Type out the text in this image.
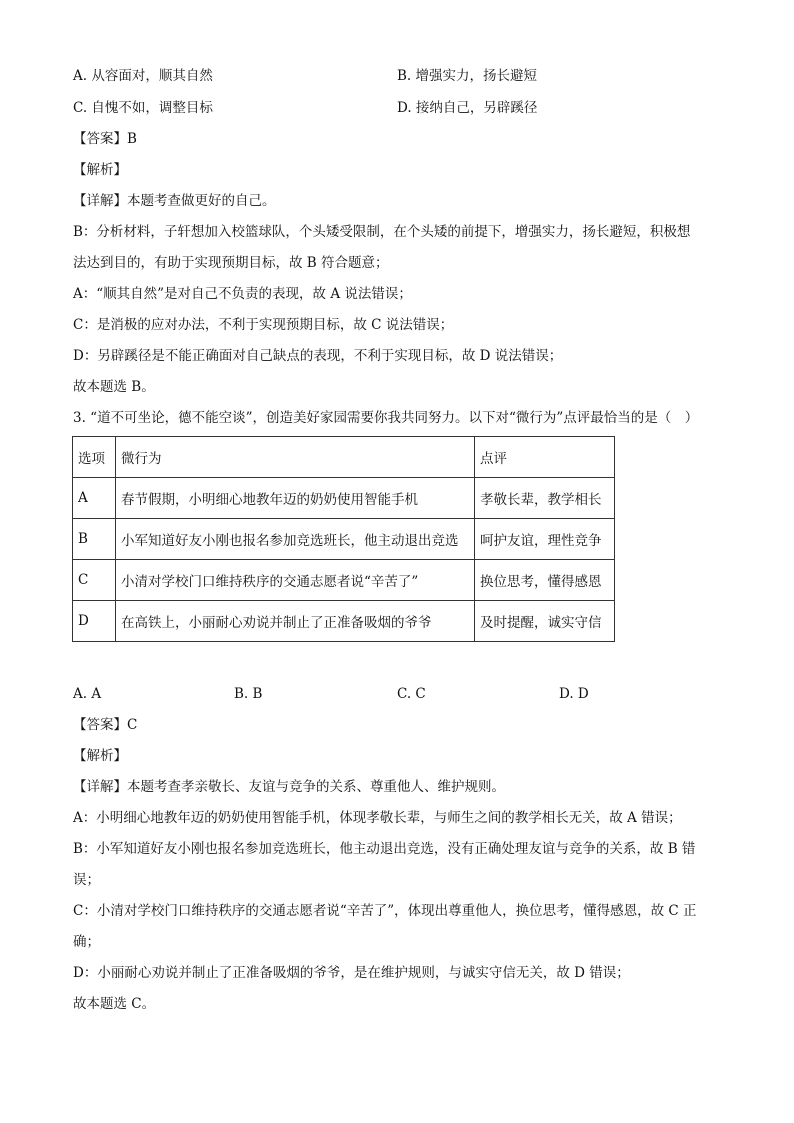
A. 从容面对，顺其自然	B. 增强实力，扬长避短
C. 自愧不如，调整目标	D. 接纳自己，另辟蹊径
【答案】B
【解析】
【详解】本题考查做更好的自己。
B：分析材料，子轩想加入校篮球队，个头矮受限制，在个头矮的前提下，增强实力，扬长避短，积极想
法达到目的，有助于实现预期目标，故 B 符合题意；
A：“顺其自然”是对自己不负责的表现，故 A 说法错误；
C：是消极的应对办法，不利于实现预期目标，故 C 说法错误；
D：另辟蹊径是不能正确面对自己缺点的表现，不利于实现目标，故 D 说法错误；
故本题选 B。
3. “道不可坐论，德不能空谈”，创造美好家园需要你我共同努力。以下对“微行为”点评最恰当的是（　）
选项	微行为	点评
A	春节假期，小明细心地教年迈的奶奶使用智能手机	孝敬长辈，教学相长
B	小军知道好友小刚也报名参加竞选班长，他主动退出竞选	呵护友谊，理性竞争
C	小清对学校门口维持秩序的交通志愿者说“辛苦了”	换位思考，懂得感恩
D	在高铁上，小丽耐心劝说并制止了正准备吸烟的爷爷	及时提醒，诚实守信
A. A	B. B	C. C	D. D
【答案】C
【解析】
【详解】本题考查孝亲敬长、友谊与竞争的关系、尊重他人、维护规则。
A：小明细心地教年迈的奶奶使用智能手机，体现孝敬长辈，与师生之间的教学相长无关，故 A 错误；
B：小军知道好友小刚也报名参加竞选班长，他主动退出竞选，没有正确处理友谊与竞争的关系，故 B 错
误；
C：小清对学校门口维持秩序的交通志愿者说“辛苦了”，体现出尊重他人，换位思考，懂得感恩，故 C 正
确；
D：小丽耐心劝说并制止了正准备吸烟的爷爷，是在维护规则，与诚实守信无关，故 D 错误；
故本题选 C。
